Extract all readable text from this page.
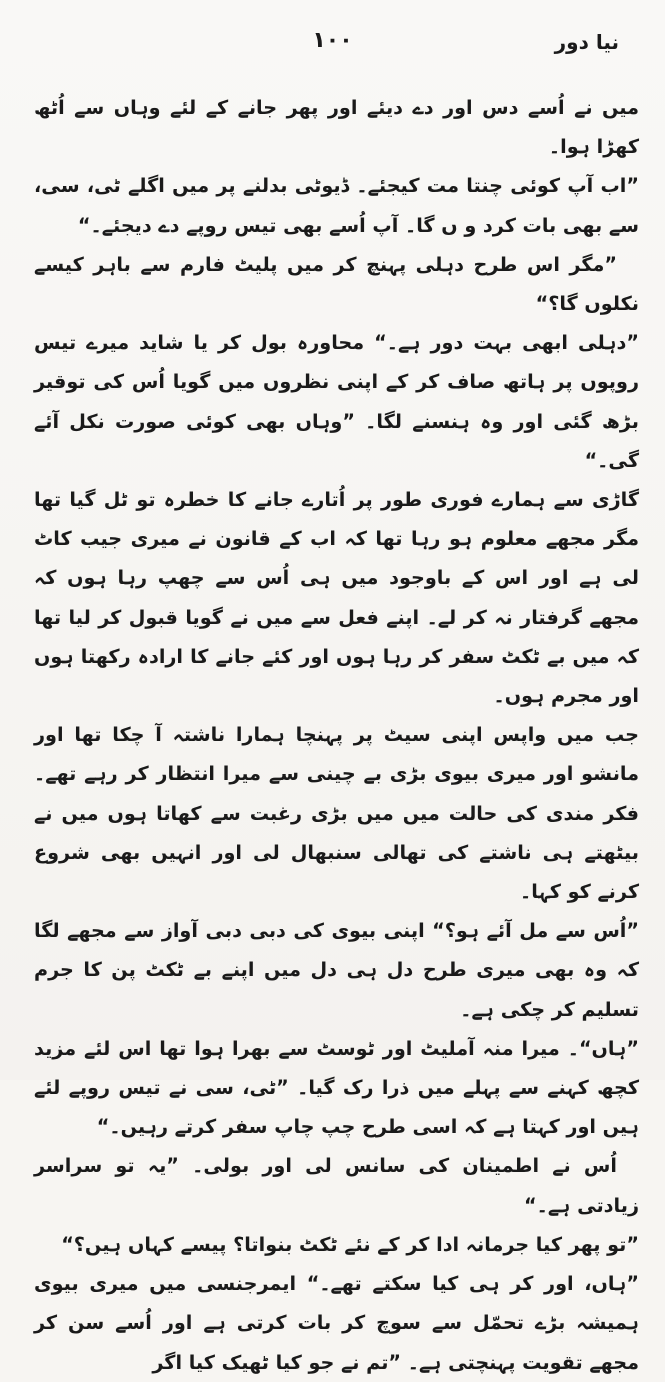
۱۰۰	نیا دور

میں نے اُسے دس اور دے دیئے اور پھر جانے کے لئے وہاں سے اُٹھ کھڑا ہوا۔

”اب آپ کوئی چنتا مت کیجئے۔ ڈیوٹی بدلنے پر میں اگلے ٹی، سی، سے بھی بات کرد و ں گا۔ آپ اُسے بھی تیس روپے دے دیجئے۔“

”مگر اس طرح دہلی پہنچ کر میں پلیٹ فارم سے باہر کیسے نکلوں گا؟“

”دہلی ابھی بہت دور ہے۔“ محاورہ بول کر یا شاید میرے تیس روپوں پر ہاتھ صاف کر کے اپنی نظروں میں گویا اُس کی توقیر بڑھ گئی اور وہ ہنسنے لگا۔ ”وہاں بھی کوئی صورت نکل آئے گی۔“

گاڑی سے ہمارے فوری طور پر اُتارے جانے کا خطرہ تو ٹل گیا تھا مگر مجھے معلوم ہو رہا تھا کہ اب کے قانون نے میری جیب کاٹ لی ہے اور اس کے باوجود میں ہی اُس سے چھپ رہا ہوں کہ مجھے گرفتار نہ کر لے۔ اپنے فعل سے میں نے گویا قبول کر لیا تھا کہ میں بے ٹکٹ سفر کر رہا ہوں اور کئے جانے کا ارادہ رکھتا ہوں اور مجرم ہوں۔

جب میں واپس اپنی سیٹ پر پہنچا ہمارا ناشتہ آ چکا تھا اور مانشو اور میری بیوی بڑی بے چینی سے میرا انتظار کر رہے تھے۔ فکر مندی کی حالت میں میں بڑی رغبت سے کھاتا ہوں میں نے بیٹھتے ہی ناشتے کی تھالی سنبھال لی اور انہیں بھی شروع کرنے کو کہا۔

”اُس سے مل آئے ہو؟“ اپنی بیوی کی دبی دبی آواز سے مجھے لگا کہ وہ بھی میری طرح دل ہی دل میں اپنے بے ٹکٹ پن کا جرم تسلیم کر چکی ہے۔

”ہاں“۔ میرا منہ آملیٹ اور ٹوسٹ سے بھرا ہوا تھا اس لئے مزید کچھ کہنے سے پہلے میں ذرا رک گیا۔ ”ٹی، سی نے تیس روپے لئے ہیں اور کہتا ہے کہ اسی طرح چپ چاپ سفر کرتے رہیں۔“

اُس نے اطمینان کی سانس لی اور بولی۔ ”یہ تو سراسر زیادتی ہے۔“

”تو پھر کیا جرمانہ ادا کر کے نئے ٹکٹ بنواتا؟ پیسے کہاں ہیں؟“

”ہاں، اور کر ہی کیا سکتے تھے۔“ ایمرجنسی میں میری بیوی ہمیشہ بڑے تحمّل سے سوچ کر بات کرتی ہے اور اُسے سن کر مجھے تقویت پہنچتی ہے۔ ”تم نے جو کیا ٹھیک کیا اگر
